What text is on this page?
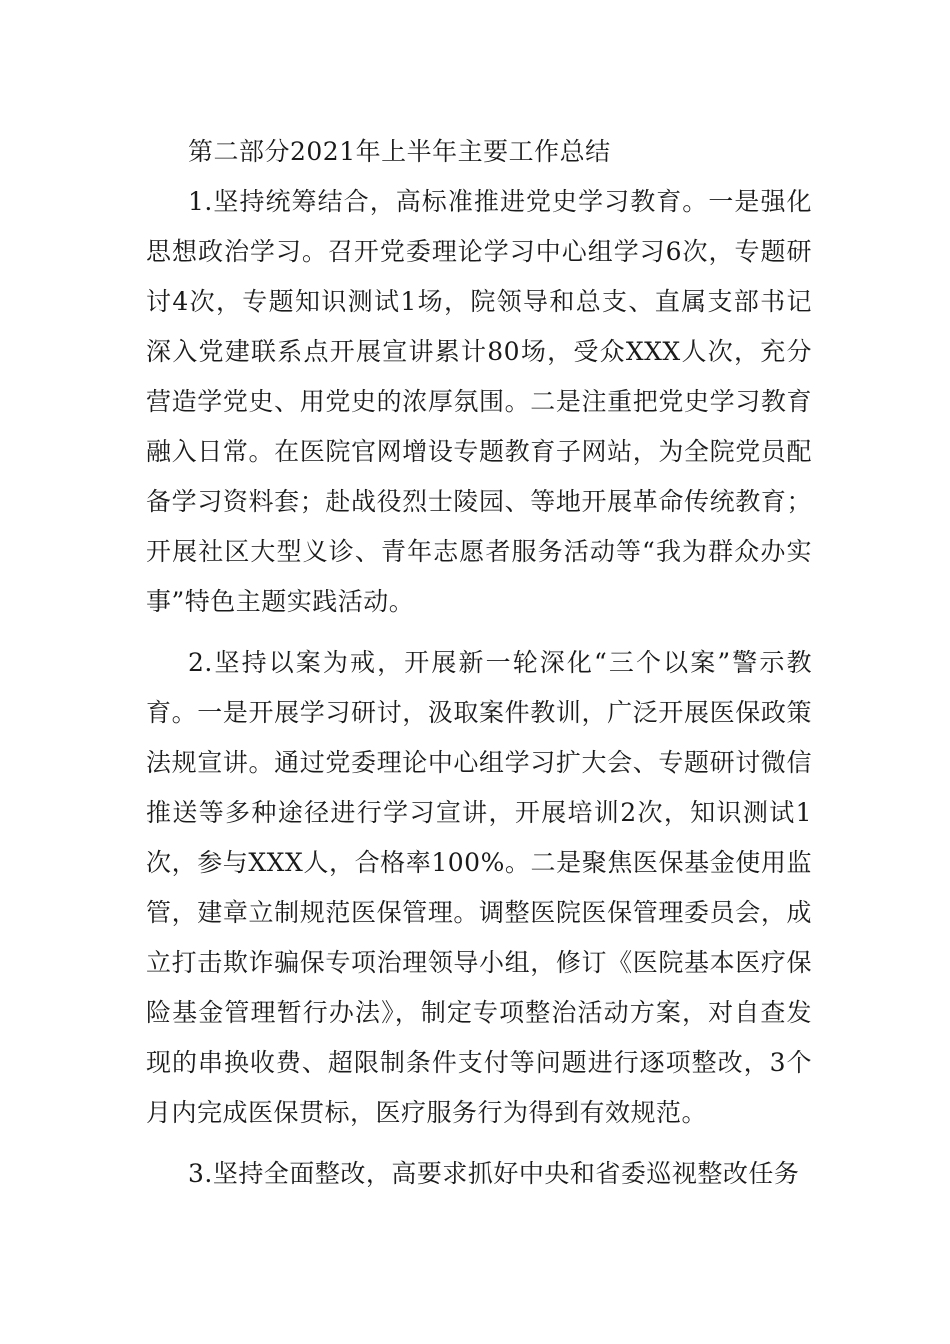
第二部分2021年上半年主要工作总结

1.坚持统筹结合，高标准推进党史学习教育。一是强化思想政治学习。召开党委理论学习中心组学习6次，专题研讨4次，专题知识测试1场，院领导和总支、直属支部书记深入党建联系点开展宣讲累计80场，受众XXX人次，充分营造学党史、用党史的浓厚氛围。二是注重把党史学习教育融入日常。在医院官网增设专题教育子网站，为全院党员配备学习资料套；赴战役烈士陵园、等地开展革命传统教育；开展社区大型义诊、青年志愿者服务活动等“我为群众办实事”特色主题实践活动。

2.坚持以案为戒，开展新一轮深化“三个以案”警示教育。一是开展学习研讨，汲取案件教训，广泛开展医保政策法规宣讲。通过党委理论中心组学习扩大会、专题研讨微信推送等多种途径进行学习宣讲，开展培训2次，知识测试1次，参与XXX人，合格率100%。二是聚焦医保基金使用监管，建章立制规范医保管理。调整医院医保管理委员会，成立打击欺诈骗保专项治理领导小组，修订《医院基本医疗保险基金管理暂行办法》，制定专项整治活动方案，对自查发现的串换收费、超限制条件支付等问题进行逐项整改，3个月内完成医保贯标，医疗服务行为得到有效规范。

3.坚持全面整改，高要求抓好中央和省委巡视整改任务
